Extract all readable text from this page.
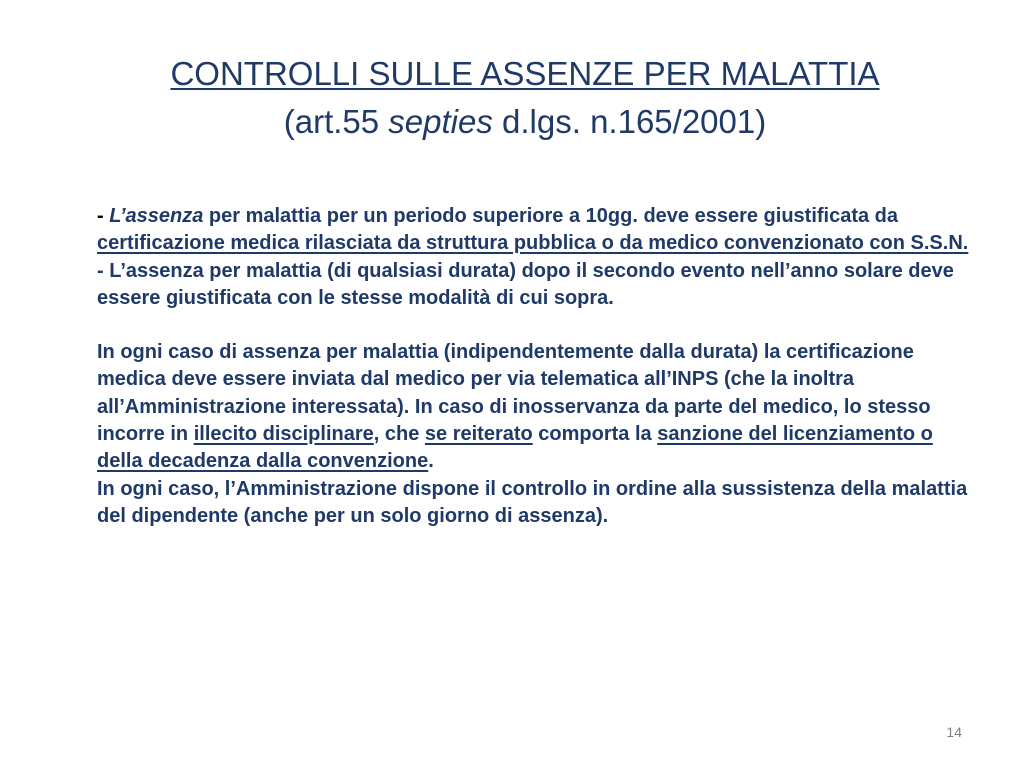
CONTROLLI SULLE ASSENZE PER MALATTIA
(art.55 septies d.lgs. n.165/2001)

- L’assenza per malattia per un periodo superiore a 10gg. deve essere giustificata da certificazione medica rilasciata da struttura pubblica o da medico convenzionato con S.S.N.

- L’assenza per malattia (di qualsiasi durata) dopo il secondo evento nell’anno solare deve essere giustificata con le stesse modalità di cui sopra.

In ogni caso di assenza per malattia (indipendentemente dalla durata) la certificazione medica deve essere inviata dal medico per via telematica all’INPS (che la inoltra all’Amministrazione interessata). In caso di inosservanza da parte del medico, lo stesso incorre in illecito disciplinare, che se reiterato comporta la sanzione del licenziamento o della decadenza dalla convenzione.

In ogni caso, l’Amministrazione dispone il controllo in ordine alla sussistenza della malattia del dipendente (anche per un solo giorno di assenza).

14
